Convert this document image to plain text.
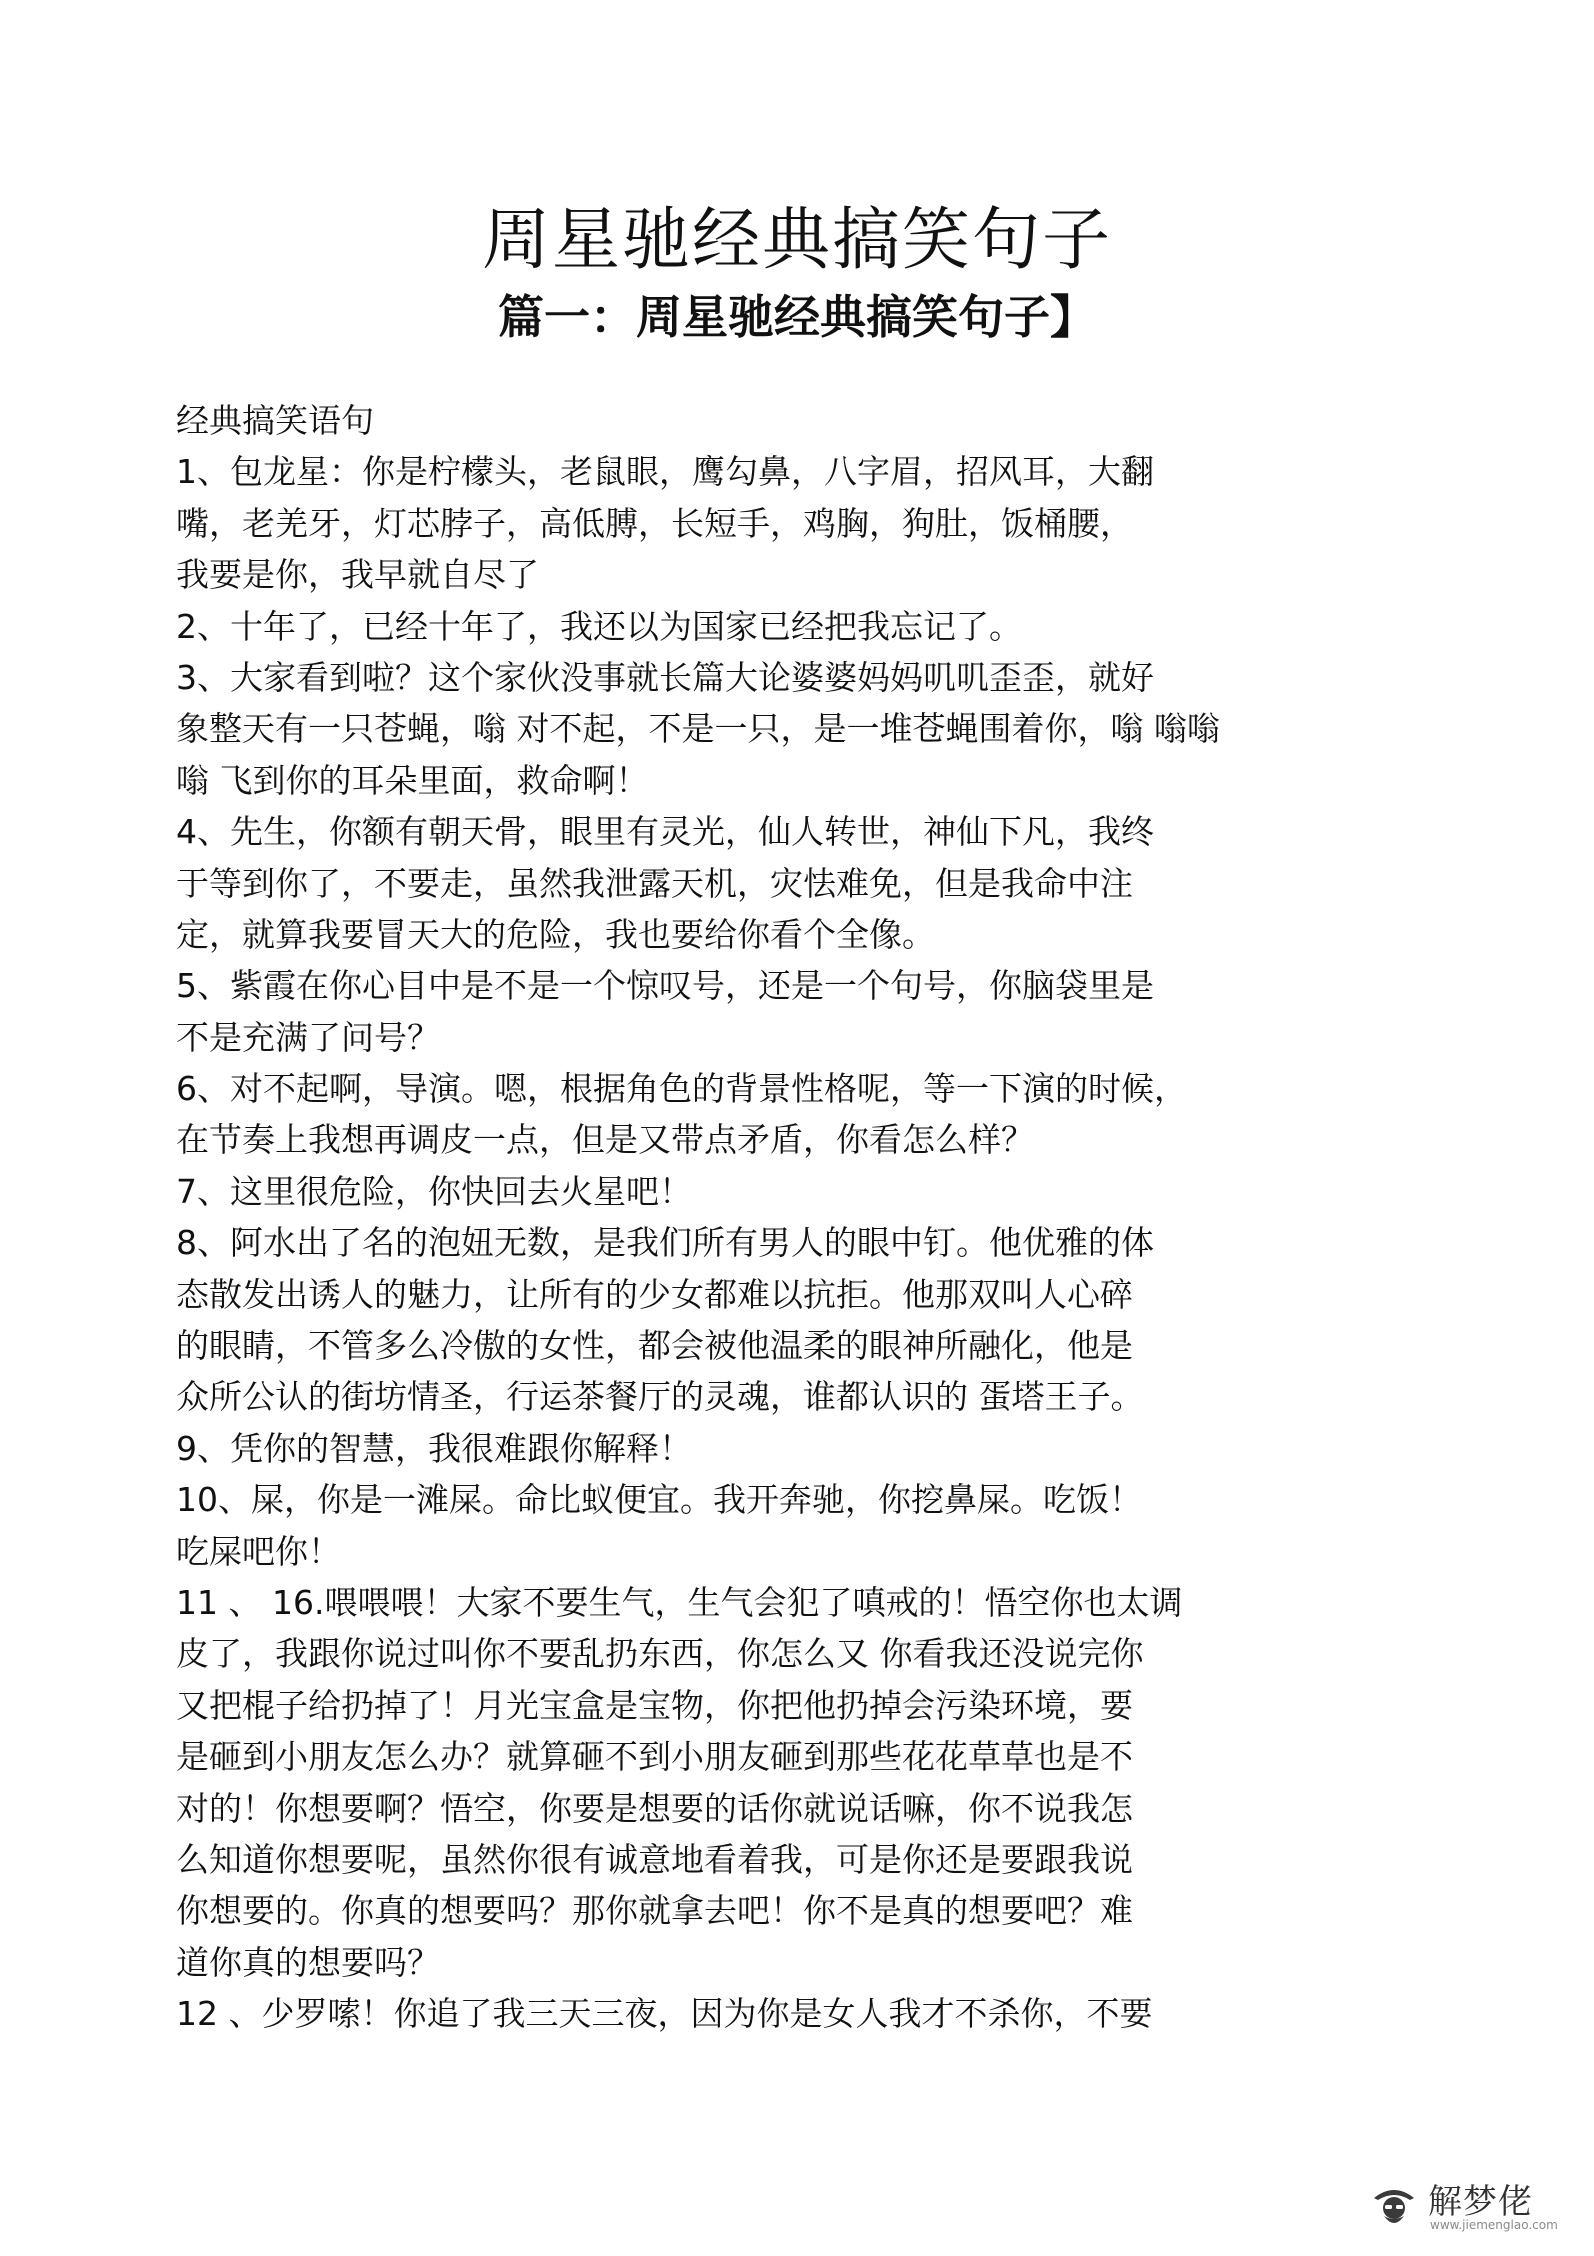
周星驰经典搞笑句子
篇一：周星驰经典搞笑句子】
经典搞笑语句
1、包龙星：你是柠檬头，老鼠眼，鹰勾鼻，八字眉，招风耳，大翻
嘴，老羌牙，灯芯脖子，高低膊，长短手，鸡胸，狗肚，饭桶腰，
我要是你，我早就自尽了
2、十年了，已经十年了，我还以为国家已经把我忘记了。
3、大家看到啦？这个家伙没事就长篇大论婆婆妈妈叽叽歪歪，就好
象整天有一只苍蝇，嗡 对不起，不是一只，是一堆苍蝇围着你，嗡 嗡嗡
嗡 飞到你的耳朵里面，救命啊！
4、先生，你额有朝天骨，眼里有灵光，仙人转世，神仙下凡，我终
于等到你了，不要走，虽然我泄露天机，灾怯难免，但是我命中注
定，就算我要冒天大的危险，我也要给你看个全像。
5、紫霞在你心目中是不是一个惊叹号，还是一个句号，你脑袋里是
不是充满了问号？
6、对不起啊，导演。嗯，根据角色的背景性格呢，等一下演的时候，
在节奏上我想再调皮一点，但是又带点矛盾，你看怎么样？
7、这里很危险，你快回去火星吧！
8、阿水出了名的泡妞无数，是我们所有男人的眼中钉。他优雅的体
态散发出诱人的魅力，让所有的少女都难以抗拒。他那双叫人心碎
的眼睛，不管多么冷傲的女性，都会被他温柔的眼神所融化，他是
众所公认的街坊情圣，行运茶餐厅的灵魂，谁都认识的 蛋塔王子。
9、凭你的智慧，我很难跟你解释！
10、屎，你是一滩屎。命比蚁便宜。我开奔驰，你挖鼻屎。吃饭！
吃屎吧你！
11 、 16.喂喂喂！大家不要生气，生气会犯了嗔戒的！悟空你也太调
皮了，我跟你说过叫你不要乱扔东西，你怎么又 你看我还没说完你
又把棍子给扔掉了！月光宝盒是宝物，你把他扔掉会污染环境，要
是砸到小朋友怎么办？就算砸不到小朋友砸到那些花花草草也是不
对的！你想要啊？悟空，你要是想要的话你就说话嘛，你不说我怎
么知道你想要呢，虽然你很有诚意地看着我，可是你还是要跟我说
你想要的。你真的想要吗？那你就拿去吧！你不是真的想要吧？难
道你真的想要吗？
12 、少罗嗦！你追了我三天三夜，因为你是女人我才不杀你，不要
解梦佬
www.jiemenglao.com
